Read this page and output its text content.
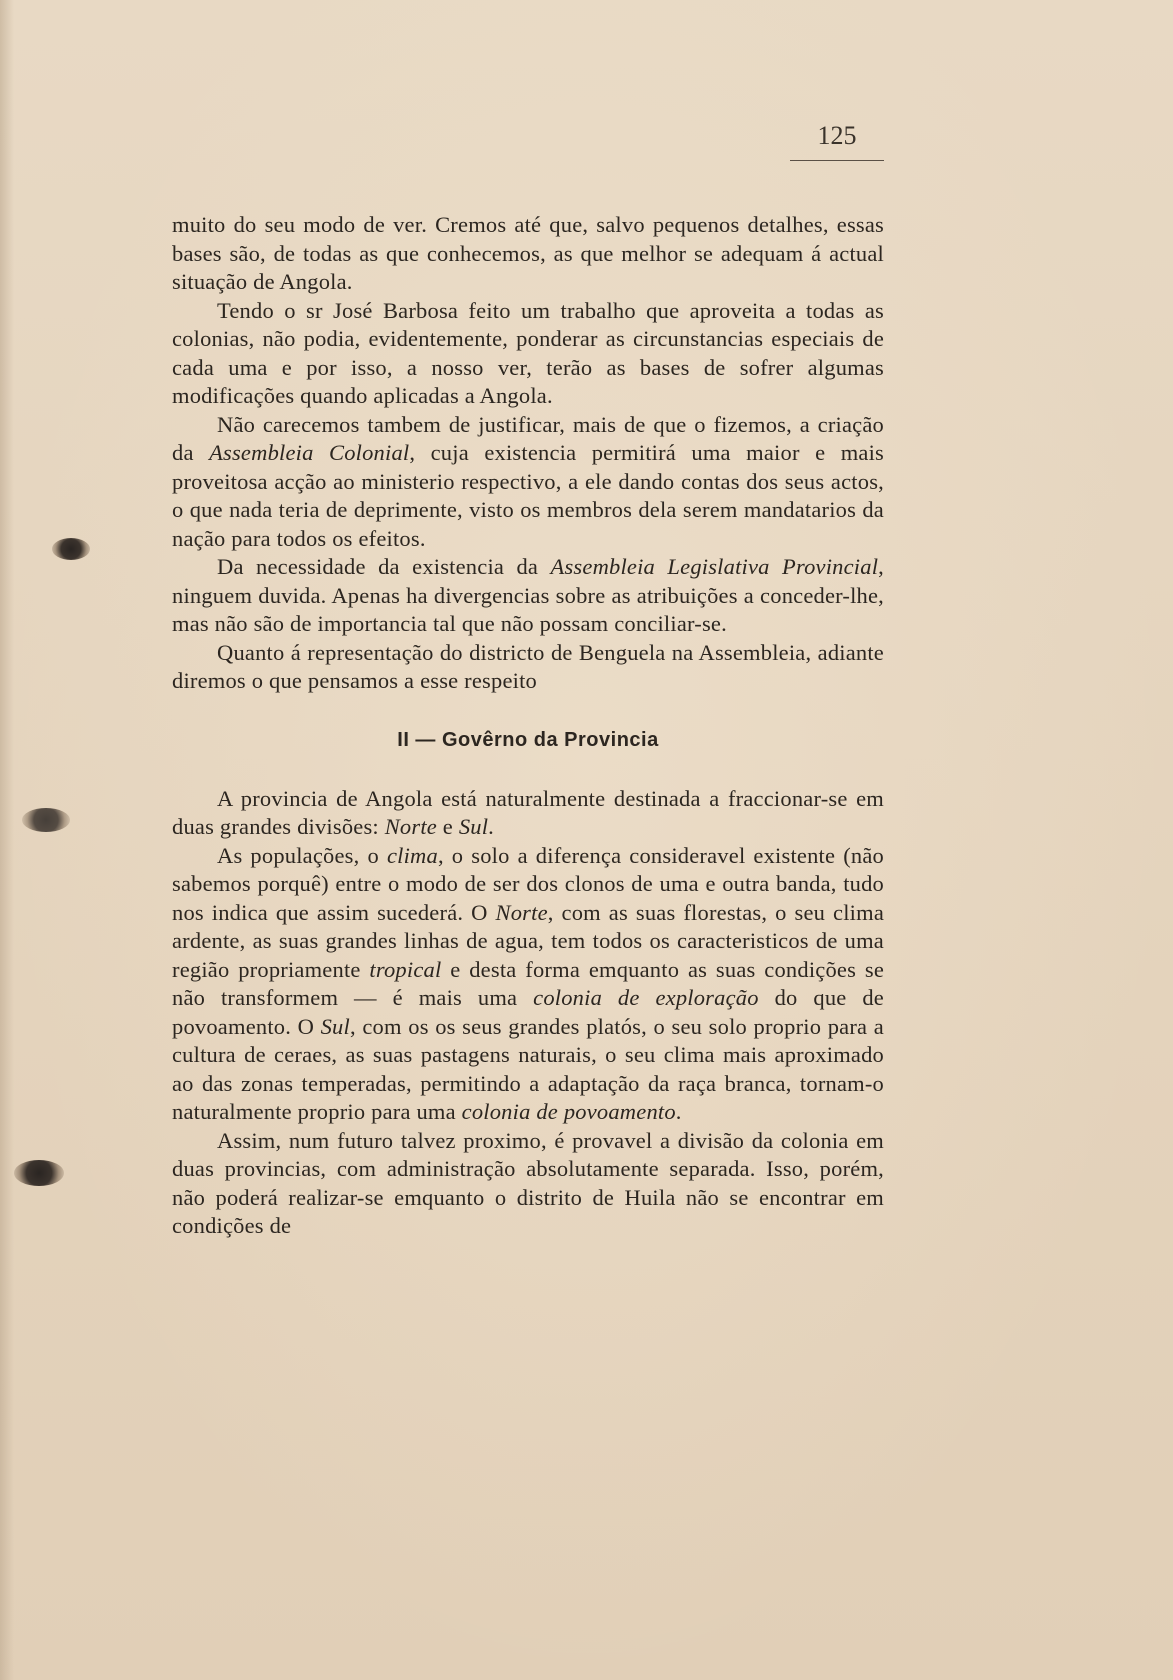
125

muito do seu modo de ver. Cremos até que, salvo pequenos detalhes, essas bases são, de todas as que conhecemos, as que melhor se adequam á actual situação de Angola.

Tendo o sr José Barbosa feito um trabalho que aproveita a todas as colonias, não podia, evidentemente, ponderar as circunstancias especiais de cada uma e por isso, a nosso ver, terão as bases de sofrer algumas modificações quando aplicadas a Angola.

Não carecemos tambem de justificar, mais de que o fizemos, a criação da Assembleia Colonial, cuja existencia permitirá uma maior e mais proveitosa acção ao ministerio respectivo, a ele dando contas dos seus actos, o que nada teria de deprimente, visto os membros dela serem mandatarios da nação para todos os efeitos.

Da necessidade da existencia da Assembleia Legislativa Provincial, ninguem duvida. Apenas ha divergencias sobre as atribuições a conceder-lhe, mas não são de importancia tal que não possam conciliar-se.

Quanto á representação do districto de Benguela na Assembleia, adiante diremos o que pensamos a esse respeito

II — Govêrno da Provincia

A provincia de Angola está naturalmente destinada a fraccionar-se em duas grandes divisões: Norte e Sul.

As populações, o clima, o solo a diferença consideravel existente (não sabemos porquê) entre o modo de ser dos clonos de uma e outra banda, tudo nos indica que assim sucederá. O Norte, com as suas florestas, o seu clima ardente, as suas grandes linhas de agua, tem todos os caracteristicos de uma região propriamente tropical e desta forma emquanto as suas condições se não transformem — é mais uma colonia de exploração do que de povoamento. O Sul, com os os seus grandes platós, o seu solo proprio para a cultura de ceraes, as suas pastagens naturais, o seu clima mais aproximado ao das zonas temperadas, permitindo a adaptação da raça branca, tornam-o naturalmente proprio para uma colonia de povoamento.

Assim, num futuro talvez proximo, é provavel a divisão da colonia em duas provincias, com administração absolutamente separada. Isso, porém, não poderá realizar-se emquanto o distrito de Huila não se encontrar em condições de
